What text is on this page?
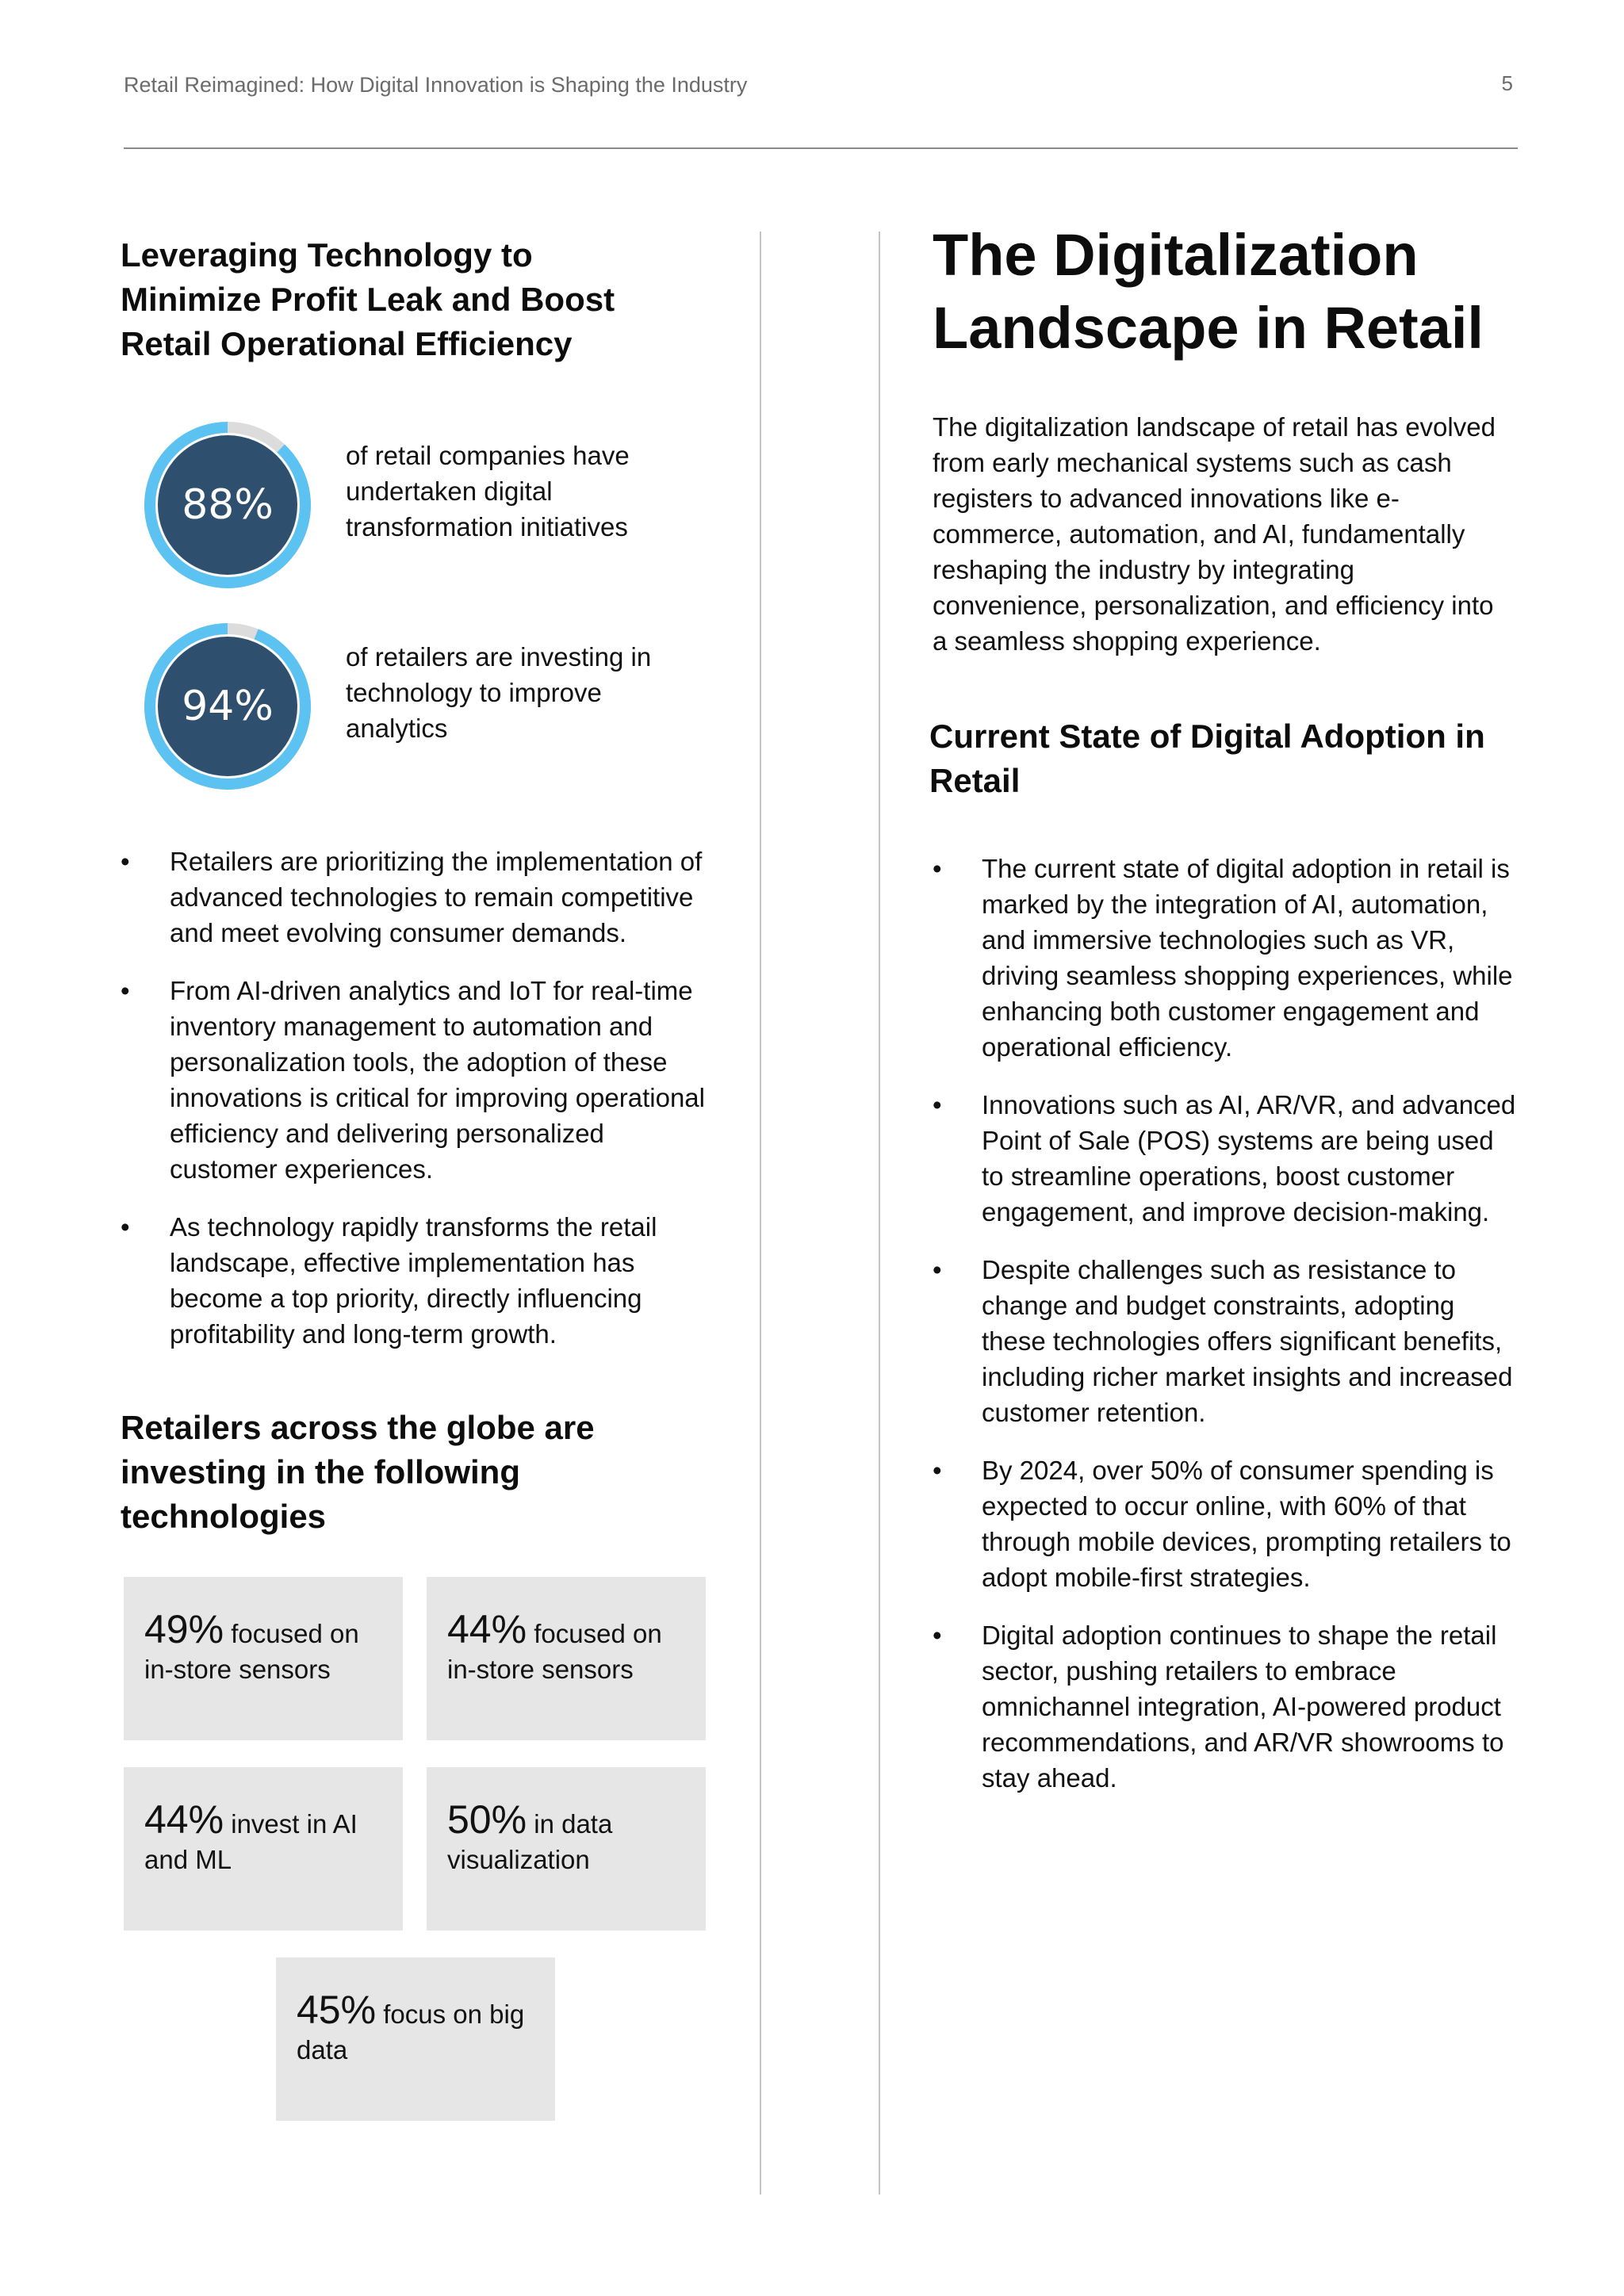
Retail Reimagined: How Digital Innovation is Shaping the Industry	5
Leveraging Technology to Minimize Profit Leak and Boost Retail Operational Efficiency
88%
of retail companies have undertaken digital transformation initiatives
94%
of retailers are investing in technology to improve analytics
• Retailers are prioritizing the implementation of advanced technologies to remain competitive and meet evolving consumer demands.
• From AI-driven analytics and IoT for real-time inventory management to automation and personalization tools, the adoption of these innovations is critical for improving operational efficiency and delivering personalized customer experiences.
• As technology rapidly transforms the retail landscape, effective implementation has become a top priority, directly influencing profitability and long-term growth.
Retailers across the globe are investing in the following technologies
49% focused on in-store sensors
44% focused on in-store sensors
44% invest in AI and ML
50% in data visualization
45% focus on big data
The Digitalization Landscape in Retail

The digitalization landscape of retail has evolved from early mechanical systems such as cash registers to advanced innovations like e-commerce, automation, and AI, fundamentally reshaping the industry by integrating convenience, personalization, and efficiency into a seamless shopping experience.

Current State of Digital Adoption in Retail
• The current state of digital adoption in retail is marked by the integration of AI, automation, and immersive technologies such as VR, driving seamless shopping experiences, while enhancing both customer engagement and operational efficiency.
• Innovations such as AI, AR/VR, and advanced Point of Sale (POS) systems are being used to streamline operations, boost customer engagement, and improve decision-making.
• Despite challenges such as resistance to change and budget constraints, adopting these technologies offers significant benefits, including richer market insights and increased customer retention.
• By 2024, over 50% of consumer spending is expected to occur online, with 60% of that through mobile devices, prompting retailers to adopt mobile-first strategies.
• Digital adoption continues to shape the retail sector, pushing retailers to embrace omnichannel integration, AI-powered product recommendations, and AR/VR showrooms to stay ahead.
